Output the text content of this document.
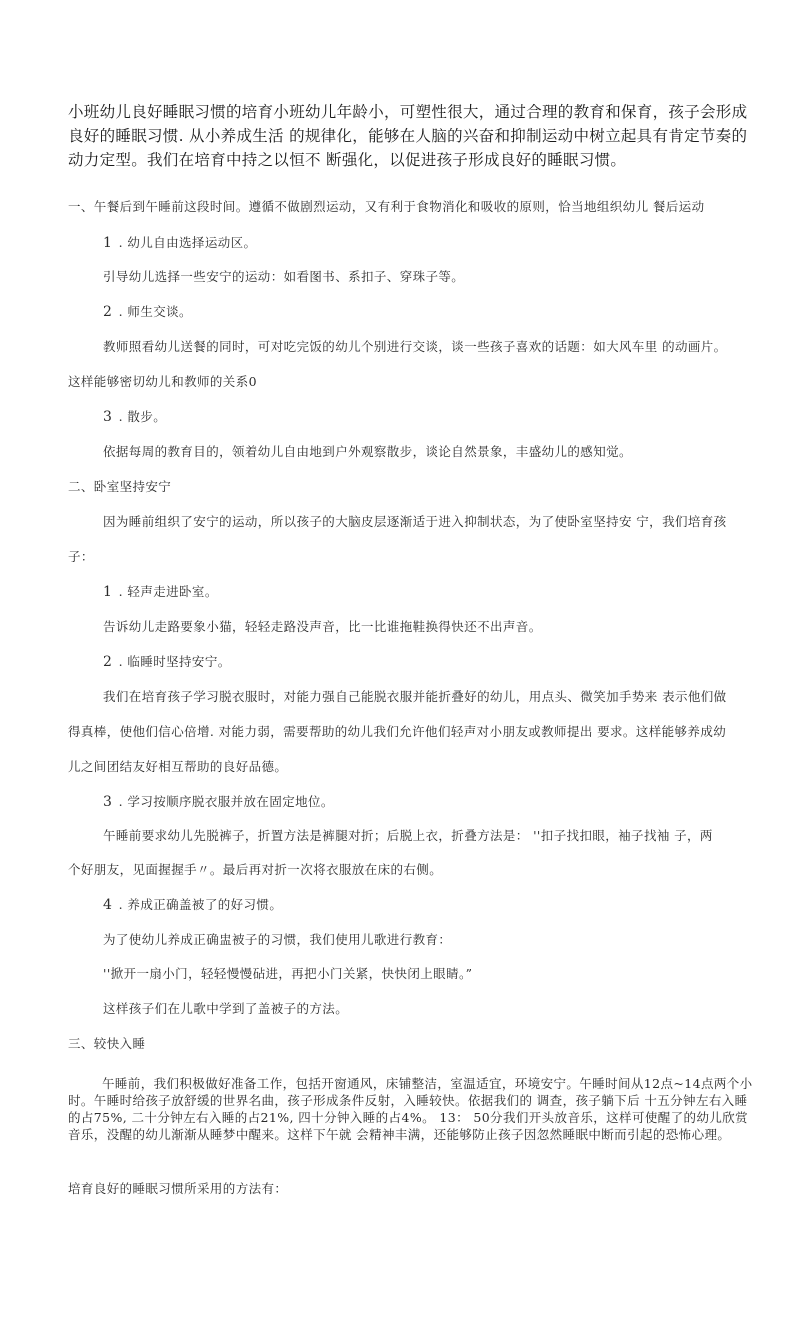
小班幼儿良好睡眠习惯的培育小班幼儿年龄小，可塑性很大，通过合理的教育和保育，孩子会形成良好的睡眠习惯. 从小养成生活 的规律化，能够在人脑的兴奋和抑制运动中树立起具有肯定节奏的动力定型。我们在培育中持之以恒不 断强化，以促进孩子形成良好的睡眠习惯。
一、午餐后到午睡前这段时间。遵循不做剧烈运动，又有利于食物消化和吸收的原则，恰当地组织幼儿 餐后运动
1 . 幼儿自由选择运动区。
引导幼儿选择一些安宁的运动：如看图书、系扣子、穿珠子等。
2 . 师生交谈。
教师照看幼儿送餐的同时，可对吃完饭的幼儿个别进行交谈，谈一些孩子喜欢的话题：如大风车里 的动画片。
这样能够密切幼儿和教师的关系0
3 . 散步。
依据每周的教育目的，领着幼儿自由地到户外观察散步，谈论自然景象，丰盛幼儿的感知觉。
二、卧室坚持安宁
因为睡前组织了安宁的运动，所以孩子的大脑皮层逐渐适于进入抑制状态，为了使卧室坚持安 宁，我们培育孩
子：
1 . 轻声走进卧室。
告诉幼儿走路要象小猫，轻轻走路没声音，比一比谁拖鞋换得快还不出声音。
2 . 临睡时坚持安宁。
我们在培育孩子学习脱衣服时，对能力强自己能脱衣服并能折叠好的幼儿，用点头、微笑加手势来 表示他们做
得真棒，使他们信心倍增. 对能力弱，需要帮助的幼儿我们允许他们轻声对小朋友或教师提出 要求。这样能够养成幼
儿之间团结友好相互帮助的良好品德。
3 . 学习按顺序脱衣服并放在固定地位。
午睡前要求幼儿先脱裤子，折置方法是裤腿对折；后脱上衣，折叠方法是： ''扣子找扣眼，袖子找袖 子，两
个好朋友，见面握握手〃。最后再对折一次将衣服放在床的右侧。
4 . 养成正确盖被了的好习惯。
为了使幼儿养成正确盅被子的习惯，我们使用儿歌进行教育：
''掀开一扇小门，轻轻慢慢砧进，再把小门关紧，快快闭上眼睛。”
这样孩子们在儿歌中学到了盖被子的方法。
三、较快入睡
午睡前，我们积极做好准备工作，包括开窗通风，床铺整洁，室温适宜，环境安宁。午睡时间从12点~14点两个小时。午睡时给孩子放舒缓的世界名曲，孩子形成条件反射，入睡较快。依据我们的 调查，孩子躺下后 十五分钟左右入睡的占75%, 二十分钟左右入睡的占21%, 四十分钟入睡的占4%。 13： 50分我们开头放音乐，这样可使醒了的幼儿欣赏音乐，没醒的幼儿渐渐从睡梦中醒来。这样下午就 会精神丰满，还能够防止孩子因忽然睡眠中断而引起的恐怖心理。
培育良好的睡眠习惯所采用的方法有：
